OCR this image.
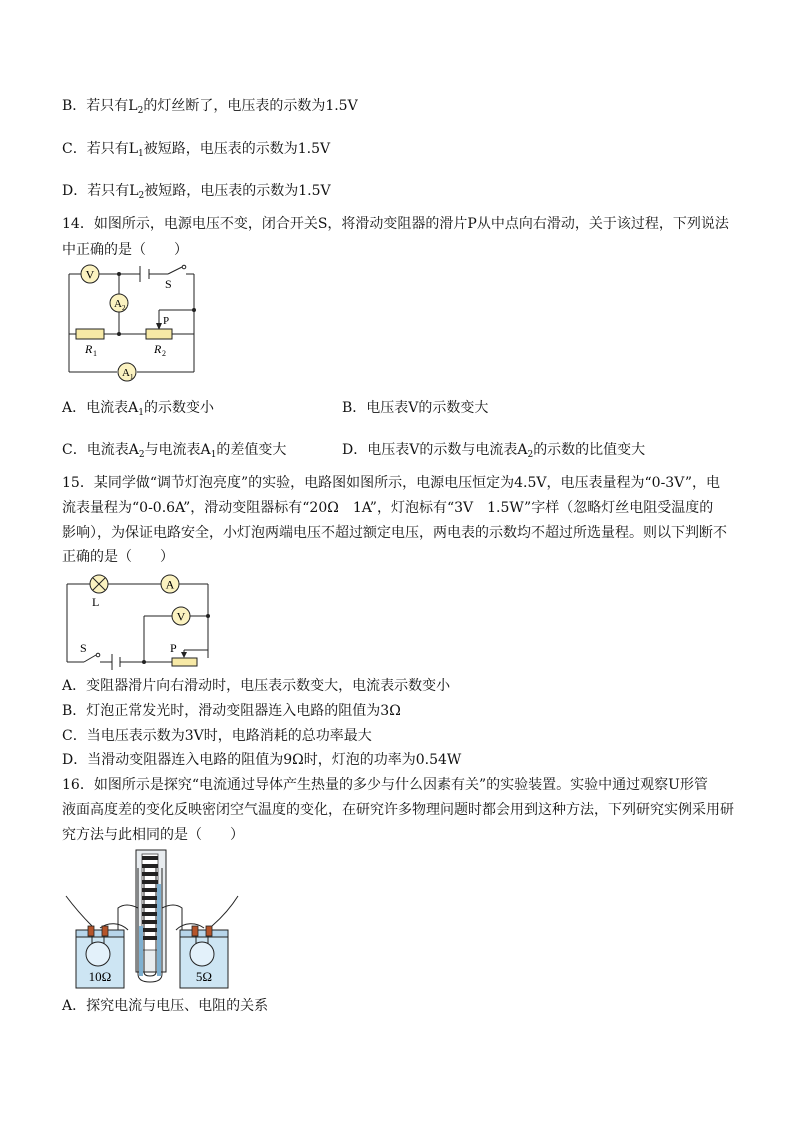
B．若只有$L_2$的灯丝断了，电压表的示数为1.5V
C．若只有$L_1$被短路，电压表的示数为1.5V
D．若只有$L_2$被短路，电压表的示数为1.5V
14．如图所示，电源电压不变，闭合开关S，将滑动变阻器的滑片P从中点向右滑动，关于该过程，下列说法
中正确的是（　　）
V
A 2
A 1
S
P
R 1	R 2
A．电流表$A_1$的示数变小	B．电压表V的示数变大
C．电流表$A_2$与电流表$A_1$的差值变大	D．电压表V的示数与电流表$A_2$的示数的比值变大
15．某同学做“调节灯泡亮度”的实验，电路图如图所示，电源电压恒定为4.5V，电压表量程为“0-3V”，电
流表量程为“0-0.6A”，滑动变阻器标有“20Ω　1A”，灯泡标有“3V　1.5W”字样（忽略灯丝电阻受温度的
影响），为保证电路安全，小灯泡两端电压不超过额定电压，两电表的示数均不超过所选量程。则以下判断不
正确的是（　　）
L
A
V
S	P
A．变阻器滑片向右滑动时，电压表示数变大，电流表示数变小
B．灯泡正常发光时，滑动变阻器连入电路的阻值为3Ω
C．当电压表示数为3V时，电路消耗的总功率最大
D．当滑动变阻器连入电路的阻值为9Ω时，灯泡的功率为0.54W
16．如图所示是探究“电流通过导体产生热量的多少与什么因素有关”的实验装置。实验中通过观察U形管
液面高度差的变化反映密闭空气温度的变化，在研究许多物理问题时都会用到这种方法，下列研究实例采用研
究方法与此相同的是（　　）
10Ω	5Ω
A．探究电流与电压、电阻的关系
